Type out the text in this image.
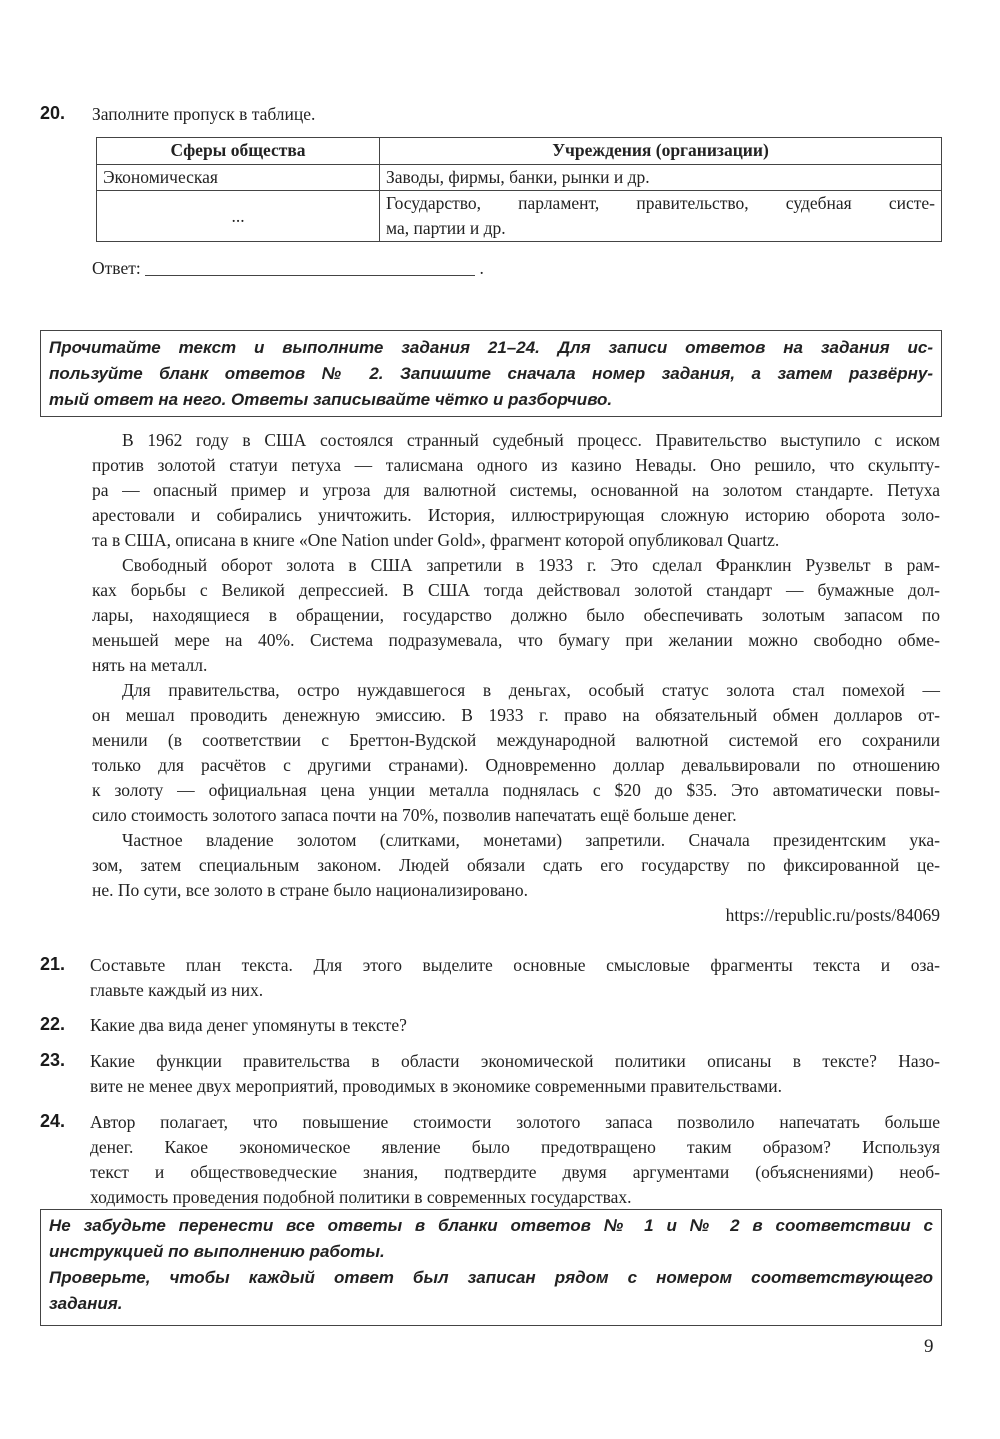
20. Заполните пропуск в таблице.
Сферы общества	Учреждения (организации)
Экономическая	Заводы, фирмы, банки, рынки и др.

...	Государство, парламент, правительство, судебная систе-
ма, партии и др.
Ответ:	.
Прочитайте текст и выполните задания 21–24. Для записи ответов на задания ис-
пользуйте бланк ответов № 2. Запишите сначала номер задания, а затем развёрну-
тый ответ на него. Ответы записывайте чётко и разборчиво.
В 1962 году в США состоялся странный судебный процесс. Правительство выступило с иском
против золотой статуи петуха — талисмана одного из казино Невады. Оно решило, что скульпту-
ра — опасный пример и угроза для валютной системы, основанной на золотом стандарте. Петуха
арестовали и собирались уничтожить. История, иллюстрирующая сложную историю оборота золо-
та в США, описана в книге «One Nation under Gold», фрагмент которой опубликовал Quartz.
Свободный оборот золота в США запретили в 1933 г. Это сделал Франклин Рузвельт в рам-
ках борьбы с Великой депрессией. В США тогда действовал золотой стандарт — бумажные дол-
лары, находящиеся в обращении, государство должно было обеспечивать золотым запасом по
меньшей мере на 40%. Система подразумевала, что бумагу при желании можно свободно обме-
нять на металл.
Для правительства, остро нуждавшегося в деньгах, особый статус золота стал помехой —
он мешал проводить денежную эмиссию. В 1933 г. право на обязательный обмен долларов от-
менили (в соответствии с Бреттон-Вудской международной валютной системой его сохранили
только для расчётов с другими странами). Одновременно доллар девальвировали по отношению
к золоту — официальная цена унции металла поднялась с $20 до $35. Это автоматически повы-
сило стоимость золотого запаса почти на 70%, позволив напечатать ещё больше денег.
Частное владение золотом (слитками, монетами) запретили. Сначала президентским ука-
зом, затем специальным законом. Людей обязали сдать его государству по фиксированной це-
не. По сути, все золото в стране было национализировано.
https://republic.ru/posts/84069
21. Составьте план текста. Для этого выделите основные смысловые фрагменты текста и оза-
главьте каждый из них.
22. Какие два вида денег упомянуты в тексте?
23. Какие функции правительства в области экономической политики описаны в тексте? Назо-
вите не менее двух мероприятий, проводимых в экономике современными правительствами.
24. Автор полагает, что повышение стоимости золотого запаса позволило напечатать больше
денег. Какое экономическое явление было предотвращено таким образом? Используя
текст и обществоведческие знания, подтвердите двумя аргументами (объяснениями) необ-
ходимость проведения подобной политики в современных государствах.
Не забудьте перенести все ответы в бланки ответов № 1 и № 2 в соответствии с
инструкцией по выполнению работы.
Проверьте, чтобы каждый ответ был записан рядом с номером соответствующего
задания.
9
